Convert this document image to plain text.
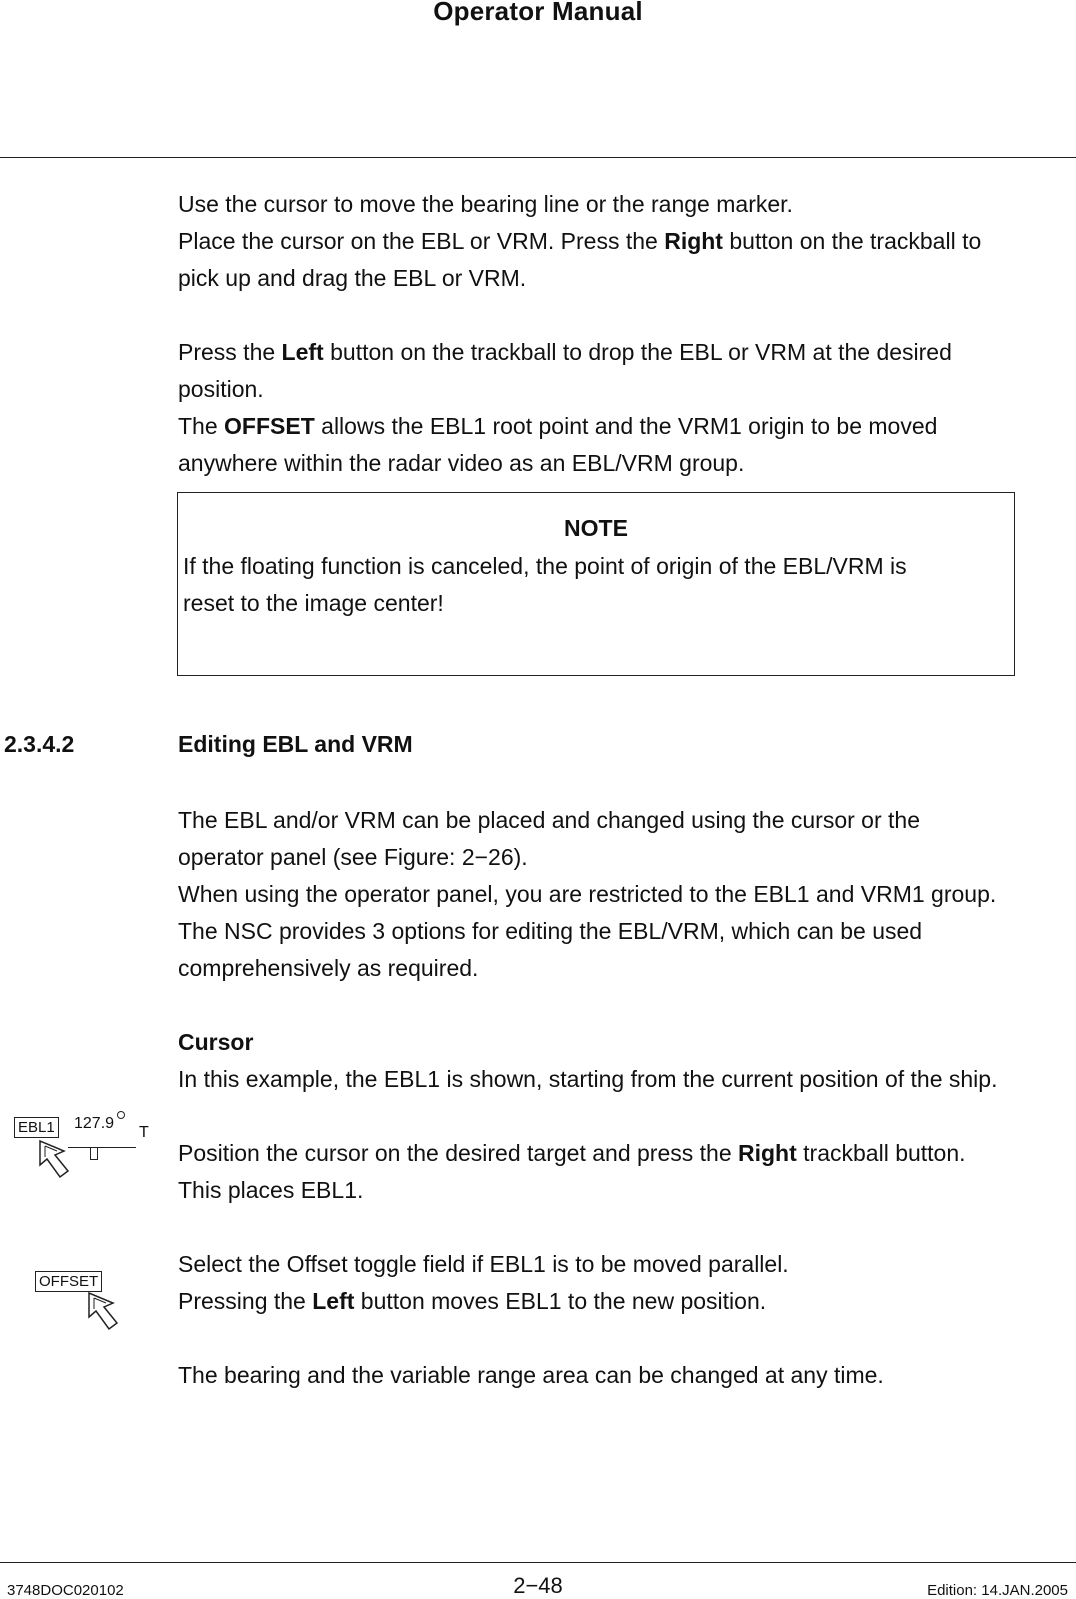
Operator Manual
Use the cursor to move the bearing line or the range marker.
Place the cursor on the EBL or VRM. Press the Right button on the trackball to
pick up and drag the EBL or VRM.
Press the Left button on the trackball to drop the EBL or VRM at the desired
position.
The OFFSET allows the EBL1 root point and the VRM1 origin to be moved
anywhere within the radar video as an EBL/VRM group.
NOTE
If the floating function is canceled, the point of origin of the EBL/VRM is
reset to the image center!
2.3.4.2	Editing EBL and VRM
The EBL and/or VRM can be placed and changed using the cursor or the
operator panel (see Figure: 2−26).
When using the operator panel, you are restricted to the EBL1 and VRM1 group.
The NSC provides 3 options for editing the EBL/VRM, which can be used
comprehensively as required.
Cursor
In this example, the EBL1 is shown, starting from the current position of the ship.
Position the cursor on the desired target and press the Right trackball button.
This places EBL1.
Select the Offset toggle field if EBL1 is to be moved parallel.
Pressing the Left button moves EBL1 to the new position.
The bearing and the variable range area can be changed at any time.
EBL1 127.9
T
OFFSET
3748DOC020102	2−48	Edition: 14.JAN.2005
